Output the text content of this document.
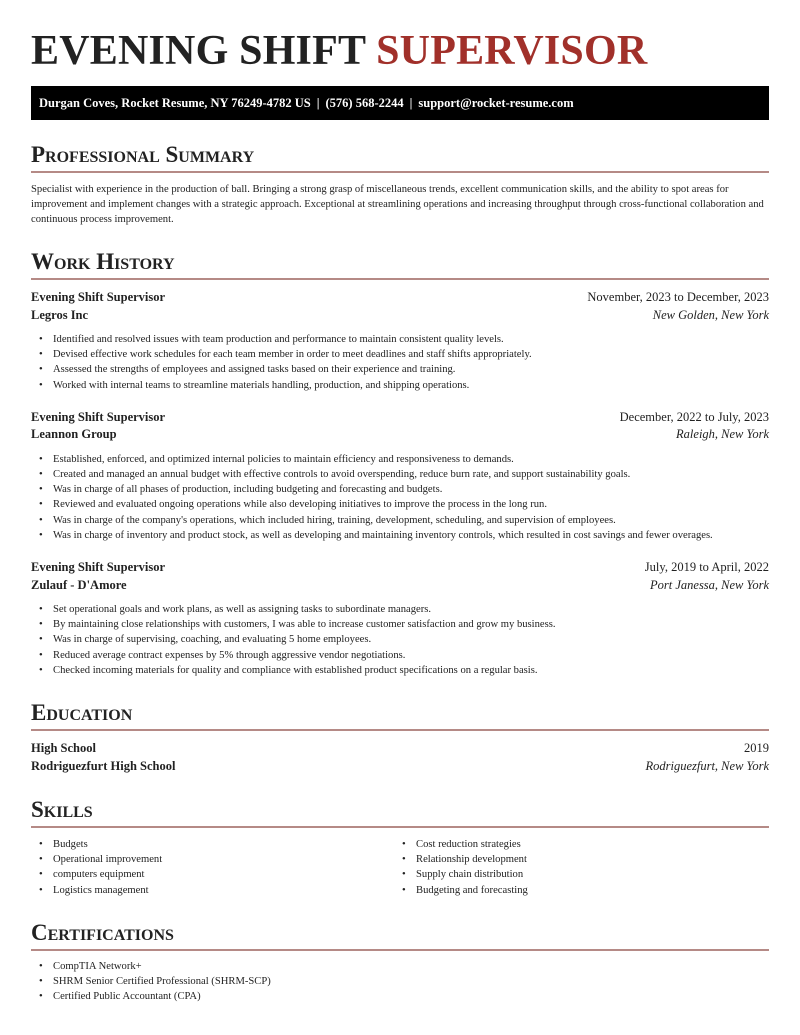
EVENING SHIFT SUPERVISOR
Durgan Coves, Rocket Resume, NY 76249-4782 US | (576) 568-2244 | support@rocket-resume.com
Professional Summary

Specialist with experience in the production of ball. Bringing a strong grasp of miscellaneous trends, excellent communication skills, and the ability to spot areas for improvement and implement changes with a strategic approach. Exceptional at streamlining operations and increasing throughput through cross-functional collaboration and continuous process improvement.

Work History
Evening Shift Supervisor	November, 2023 to December, 2023
Legros Inc	New Golden, New York
• Identified and resolved issues with team production and performance to maintain consistent quality levels.
• Devised effective work schedules for each team member in order to meet deadlines and staff shifts appropriately.
• Assessed the strengths of employees and assigned tasks based on their experience and training.
• Worked with internal teams to streamline materials handling, production, and shipping operations.
Evening Shift Supervisor	December, 2022 to July, 2023
Leannon Group	Raleigh, New York
• Established, enforced, and optimized internal policies to maintain efficiency and responsiveness to demands.
• Created and managed an annual budget with effective controls to avoid overspending, reduce burn rate, and support sustainability goals.
• Was in charge of all phases of production, including budgeting and forecasting and budgets.
• Reviewed and evaluated ongoing operations while also developing initiatives to improve the process in the long run.
• Was in charge of the company's operations, which included hiring, training, development, scheduling, and supervision of employees.
• Was in charge of inventory and product stock, as well as developing and maintaining inventory controls, which resulted in cost savings and fewer overages.
Evening Shift Supervisor	July, 2019 to April, 2022
Zulauf - D'Amore	Port Janessa, New York
• Set operational goals and work plans, as well as assigning tasks to subordinate managers.
• By maintaining close relationships with customers, I was able to increase customer satisfaction and grow my business.
• Was in charge of supervising, coaching, and evaluating 5 home employees.
• Reduced average contract expenses by 5% through aggressive vendor negotiations.
• Checked incoming materials for quality and compliance with established product specifications on a regular basis.
Education
High School	2019
Rodriguezfurt High School	Rodriguezfurt, New York
Skills
• Budgets
• Operational improvement
• computers equipment
• Logistics management
• Cost reduction strategies
• Relationship development
• Supply chain distribution
• Budgeting and forecasting
Certifications
• CompTIA Network+
• SHRM Senior Certified Professional (SHRM-SCP)
• Certified Public Accountant (CPA)
